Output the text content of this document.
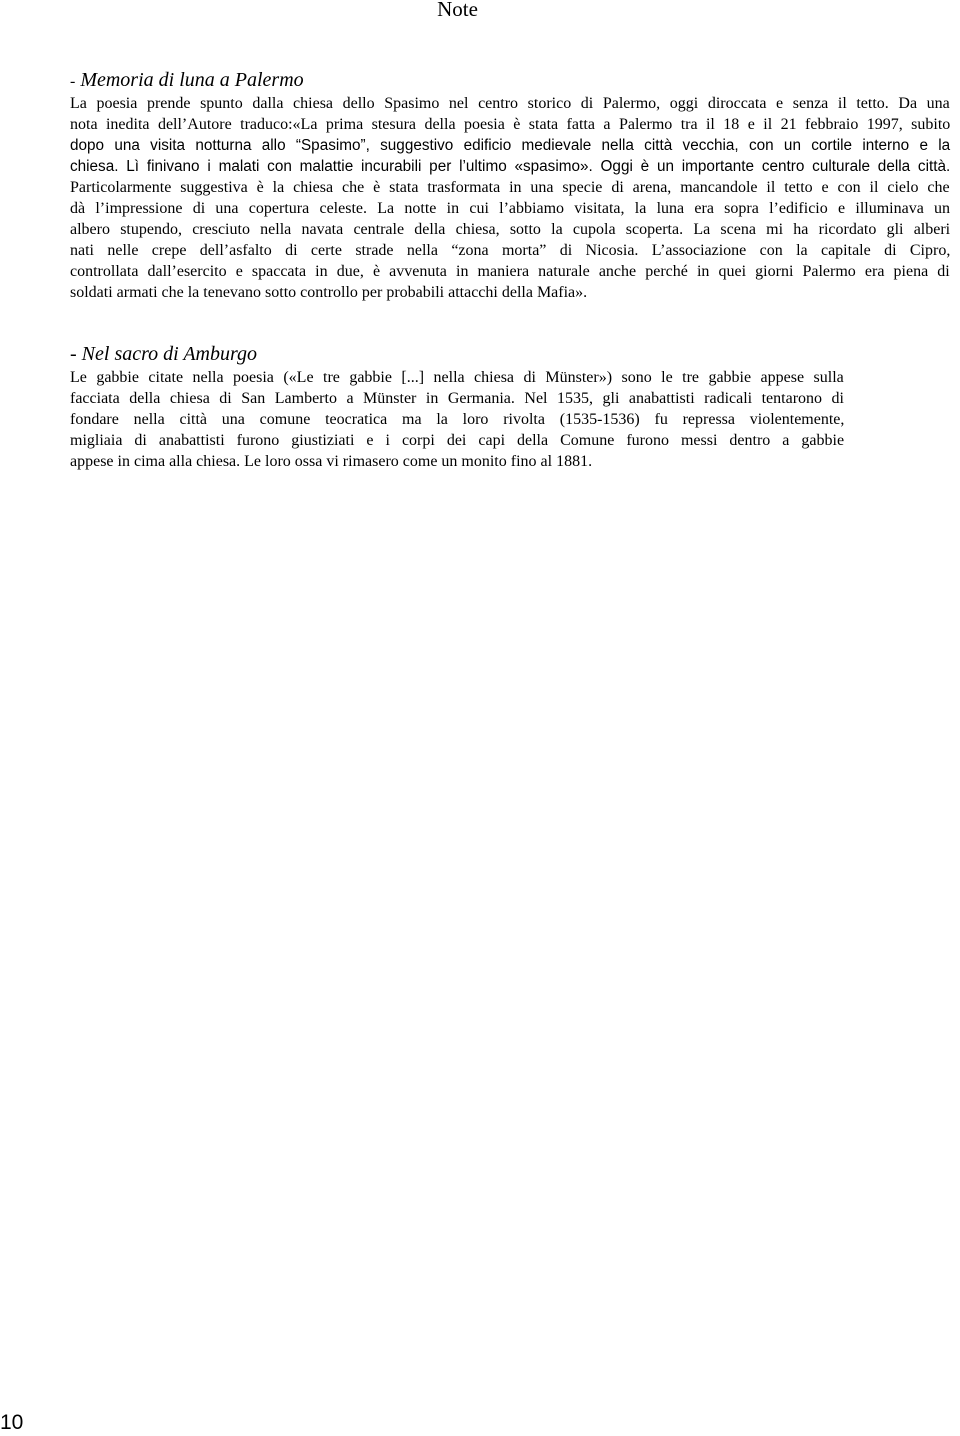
Note
- Memoria di luna a Palermo
La poesia prende spunto dalla chiesa dello Spasimo nel centro storico di Palermo, oggi diroccata e senza il tetto. Da una
nota inedita dell’Autore traduco:«La prima stesura della poesia è stata fatta a Palermo tra il 18 e il 21 febbraio 1997, subito
dopo una visita notturna allo “Spasimo”, suggestivo edificio medievale nella città vecchia, con un cortile interno e la
chiesa. Lì finivano i malati con malattie incurabili per l’ultimo «spasimo». Oggi è un importante centro culturale della città.
Particolarmente suggestiva è la chiesa che è stata trasformata in una specie di arena, mancandole il tetto e con il cielo che
dà l’impressione di una copertura celeste. La notte in cui l’abbiamo visitata, la luna era sopra l’edificio e illuminava un
albero stupendo, cresciuto nella navata centrale della chiesa, sotto la cupola scoperta. La scena mi ha ricordato gli alberi
nati nelle crepe dell’asfalto di certe strade nella “zona morta” di Nicosia. L’associazione con la capitale di Cipro,
controllata dall’esercito e spaccata in due, è avvenuta in maniera naturale anche perché in quei giorni Palermo era piena di
soldati armati che la tenevano sotto controllo per probabili attacchi della Mafia».
- Nel sacro di Amburgo
Le gabbie citate nella poesia («Le tre gabbie [...] nella chiesa di Münster») sono le tre gabbie appese sulla
facciata della chiesa di San Lamberto a Münster in Germania. Nel 1535, gli anabattisti radicali tentarono di
fondare nella città una comune teocratica ma la loro rivolta (1535-1536) fu repressa violentemente,
migliaia di anabattisti furono giustiziati e i corpi dei capi della Comune furono messi dentro a gabbie
appese in cima alla chiesa. Le loro ossa vi rimasero come un monito fino al 1881.
10
